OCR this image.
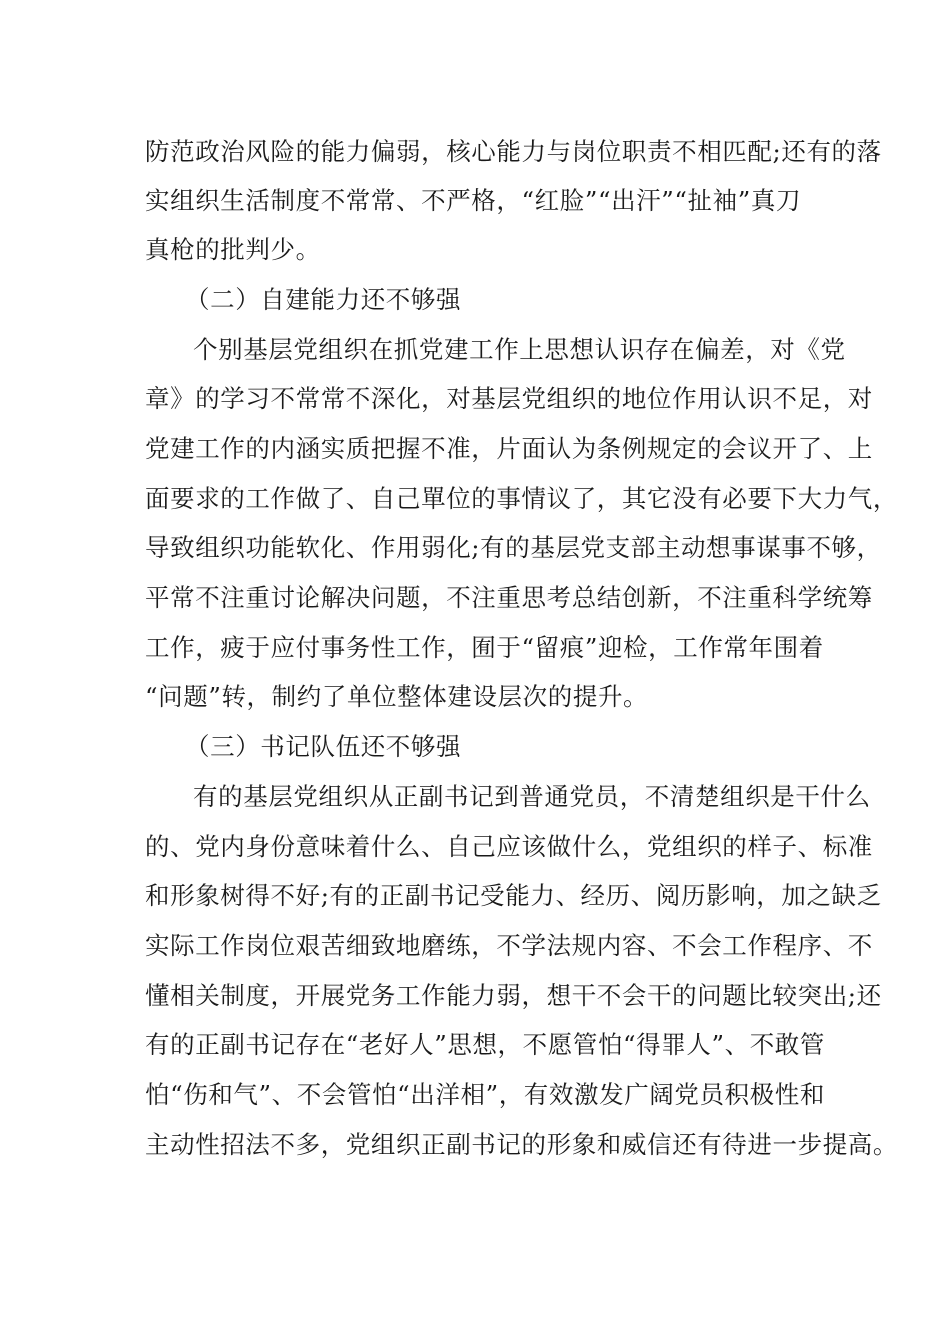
防范政治风险的能力偏弱，核心能力与岗位职责不相匹配;还有的落
实组织生活制度不常常、不严格，“红脸”“出汗”“扯袖”真刀
真枪的批判少。
（二）自建能力还不够强
个别基层党组织在抓党建工作上思想认识存在偏差，对《党
章》的学习不常常不深化，对基层党组织的地位作用认识不足，对
党建工作的内涵实质把握不准，片面认为条例规定的会议开了、上
面要求的工作做了、自己單位的事情议了，其它没有必要下大力气，
导致组织功能软化、作用弱化;有的基层党支部主动想事谋事不够，
平常不注重讨论解决问题，不注重思考总结创新，不注重科学统筹
工作，疲于应付事务性工作，囿于“留痕”迎检，工作常年围着
“问题”转，制约了单位整体建设层次的提升。
（三）书记队伍还不够强
有的基层党组织从正副书记到普通党员，不清楚组织是干什么
的、党内身份意味着什么、自己应该做什么，党组织的样子、标准
和形象树得不好;有的正副书记受能力、经历、阅历影响，加之缺乏
实际工作岗位艰苦细致地磨练，不学法规内容、不会工作程序、不
懂相关制度，开展党务工作能力弱，想干不会干的问题比较突出;还
有的正副书记存在“老好人”思想，不愿管怕“得罪人”、不敢管
怕“伤和气”、不会管怕“出洋相”，有效激发广阔党员积极性和
主动性招法不多，党组织正副书记的形象和威信还有待进一步提高。
